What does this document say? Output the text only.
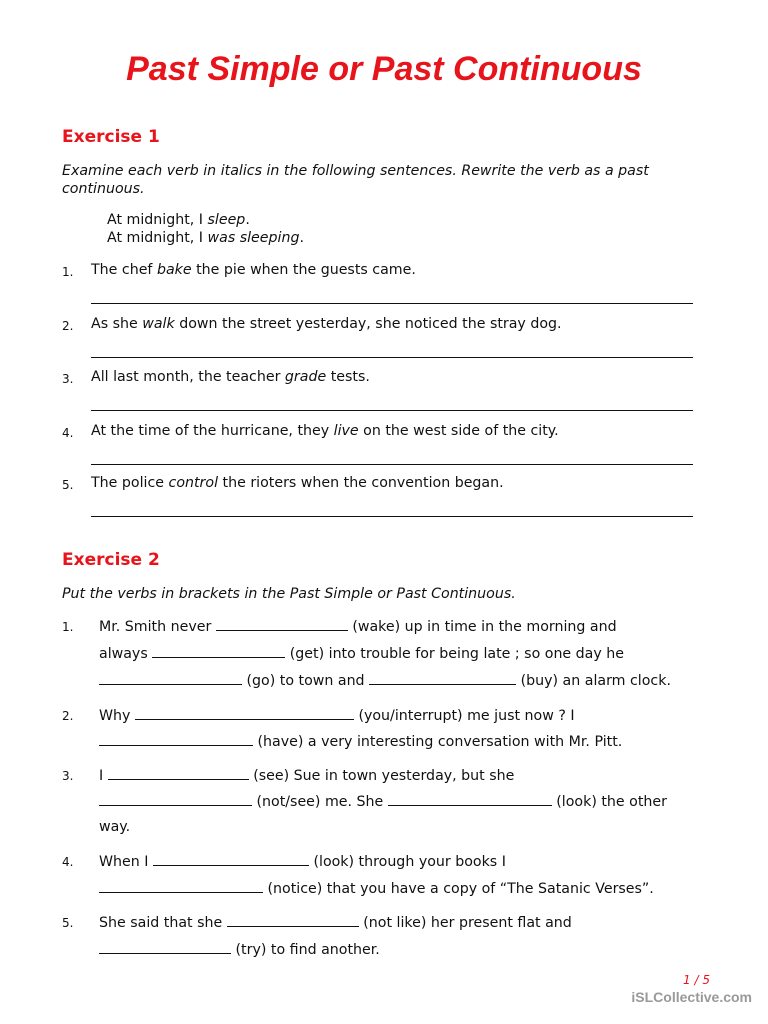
Past Simple or Past Continuous
Exercise 1
Examine each verb in italics in the following sentences. Rewrite the verb as a past continuous.
At midnight, I sleep.
At midnight, I was sleeping.
1. The chef bake the pie when the guests came.
2. As she walk down the street yesterday, she noticed the stray dog.
3. All last month, the teacher grade tests.
4. At the time of the hurricane, they live on the west side of the city.
5. The police control the rioters when the convention began.
Exercise 2
Put the verbs in brackets in the Past Simple or Past Continuous.
1. Mr. Smith never	(wake) up in time in the morning and
always	(get) into trouble for being late ; so one day he
(go) to town and	(buy) an alarm clock.
2. Why	(you/interrupt) me just now ? I
(have) a very interesting conversation with Mr. Pitt.
3. I	(see) Sue in town yesterday, but she
(not/see) me. She	(look) the other
way.
4. When I	(look) through your books I
(notice) that you have a copy of “The Satanic Verses”.
5. She said that she	(not like) her present flat and
(try) to find another.
1 / 5
iSLCollective.com
